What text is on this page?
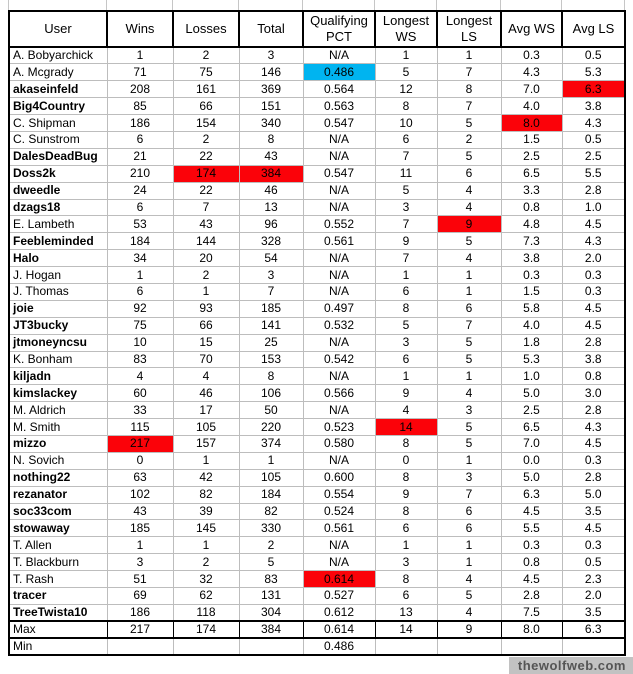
User	Wins	Losses	Total	Qualifying PCT	Longest WS	Longest LS	Avg WS	Avg LS
A. Bobyarchick	1	2	3	N/A	1	1	0.3	0.5
A. Mcgrady	71	75	146	0.486	5	7	4.3	5.3
akaseinfeld	208	161	369	0.564	12	8	7.0	6.3
Big4Country	85	66	151	0.563	8	7	4.0	3.8
C. Shipman	186	154	340	0.547	10	5	8.0	4.3
C. Sunstrom	6	2	8	N/A	6	2	1.5	0.5
DalesDeadBug	21	22	43	N/A	7	5	2.5	2.5
Doss2k	210	174	384	0.547	11	6	6.5	5.5
dweedle	24	22	46	N/A	5	4	3.3	2.8
dzags18	6	7	13	N/A	3	4	0.8	1.0
E. Lambeth	53	43	96	0.552	7	9	4.8	4.5
Feebleminded	184	144	328	0.561	9	5	7.3	4.3
Halo	34	20	54	N/A	7	4	3.8	2.0
J. Hogan	1	2	3	N/A	1	1	0.3	0.3
J. Thomas	6	1	7	N/A	6	1	1.5	0.3
joie	92	93	185	0.497	8	6	5.8	4.5
JT3bucky	75	66	141	0.532	5	7	4.0	4.5
jtmoneyncsu	10	15	25	N/A	3	5	1.8	2.8
K. Bonham	83	70	153	0.542	6	5	5.3	3.8
kiljadn	4	4	8	N/A	1	1	1.0	0.8
kimslackey	60	46	106	0.566	9	4	5.0	3.0
M. Aldrich	33	17	50	N/A	4	3	2.5	2.8
M. Smith	115	105	220	0.523	14	5	6.5	4.3
mizzo	217	157	374	0.580	8	5	7.0	4.5
N. Sovich	0	1	1	N/A	0	1	0.0	0.3
nothing22	63	42	105	0.600	8	3	5.0	2.8
rezanator	102	82	184	0.554	9	7	6.3	5.0
soc33com	43	39	82	0.524	8	6	4.5	3.5
stowaway	185	145	330	0.561	6	6	5.5	4.5
T. Allen	1	1	2	N/A	1	1	0.3	0.3
T. Blackburn	3	2	5	N/A	3	1	0.8	0.5
T. Rash	51	32	83	0.614	8	4	4.5	2.3
tracer	69	62	131	0.527	6	5	2.8	2.0
TreeTwista10	186	118	304	0.612	13	4	7.5	3.5
Max	217	174	384	0.614	14	9	8.0	6.3
Min				0.486				
thewolfweb.com
